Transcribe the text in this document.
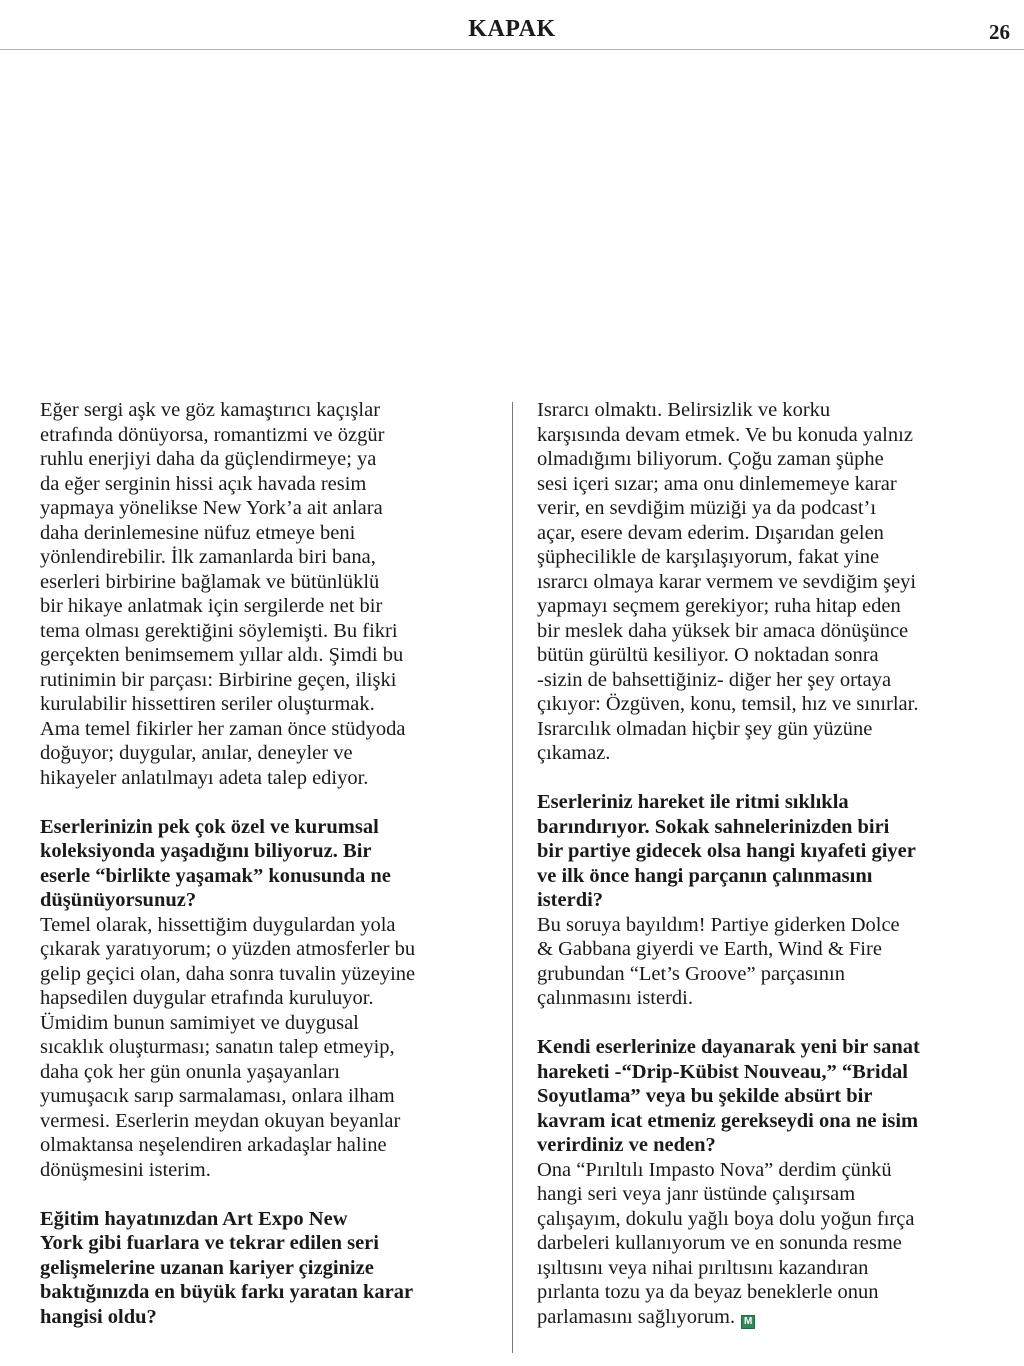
KAPAK	26

Eğer sergi aşk ve göz kamaştırıcı kaçışlar
etrafında dönüyorsa, romantizmi ve özgür
ruhlu enerjiyi daha da güçlendirmeye; ya
da eğer serginin hissi açık havada resim
yapmaya yönelikse New York’a ait anlara
daha derinlemesine nüfuz etmeye beni
yönlendirebilir. İlk zamanlarda biri bana,
eserleri birbirine bağlamak ve bütünlüklü
bir hikaye anlatmak için sergilerde net bir
tema olması gerektiğini söylemişti. Bu fikri
gerçekten benimsemem yıllar aldı. Şimdi bu
rutinimin bir parçası: Birbirine geçen, ilişki
kurulabilir hissettiren seriler oluşturmak.
Ama temel fikirler her zaman önce stüdyoda
doğuyor; duygular, anılar, deneyler ve
hikayeler anlatılmayı adeta talep ediyor.

Eserlerinizin pek çok özel ve kurumsal
koleksiyonda yaşadığını biliyoruz. Bir
eserle “birlikte yaşamak” konusunda ne
düşünüyorsunuz?

Temel olarak, hissettiğim duygulardan yola
çıkarak yaratıyorum; o yüzden atmosferler bu
gelip geçici olan, daha sonra tuvalin yüzeyine
hapsedilen duygular etrafında kuruluyor.
Ümidim bunun samimiyet ve duygusal
sıcaklık oluşturması; sanatın talep etmeyip,
daha çok her gün onunla yaşayanları
yumuşacık sarıp sarmalaması, onlara ilham
vermesi. Eserlerin meydan okuyan beyanlar
olmaktansa neşelendiren arkadaşlar haline
dönüşmesini isterim.

Eğitim hayatınızdan Art Expo New
York gibi fuarlara ve tekrar edilen seri
gelişmelerine uzanan kariyer çizginize
baktığınızda en büyük farkı yaratan karar
hangisi oldu?

Israrcı olmaktı. Belirsizlik ve korku
karşısında devam etmek. Ve bu konuda yalnız
olmadığımı biliyorum. Çoğu zaman şüphe
sesi içeri sızar; ama onu dinlememeye karar
verir, en sevdiğim müziği ya da podcast’ı
açar, esere devam ederim. Dışarıdan gelen
şüphecilikle de karşılaşıyorum, fakat yine
ısrarcı olmaya karar vermem ve sevdiğim şeyi
yapmayı seçmem gerekiyor; ruha hitap eden
bir meslek daha yüksek bir amaca dönüşünce
bütün gürültü kesiliyor. O noktadan sonra
-sizin de bahsettiğiniz- diğer her şey ortaya
çıkıyor: Özgüven, konu, temsil, hız ve sınırlar.
Israrcılık olmadan hiçbir şey gün yüzüne
çıkamaz.

Eserleriniz hareket ile ritmi sıklıkla
barındırıyor. Sokak sahnelerinizden biri
bir partiye gidecek olsa hangi kıyafeti giyer
ve ilk önce hangi parçanın çalınmasını
isterdi?

Bu soruya bayıldım! Partiye giderken Dolce
& Gabbana giyerdi ve Earth, Wind & Fire
grubundan “Let’s Groove” parçasının
çalınmasını isterdi.

Kendi eserlerinize dayanarak yeni bir sanat
hareketi -“Drip-Kübist Nouveau,” “Bridal
Soyutlama” veya bu şekilde absürt bir
kavram icat etmeniz gerekseydi ona ne isim
verirdiniz ve neden?

Ona “Pırıltılı Impasto Nova” derdim çünkü
hangi seri veya janr üstünde çalışırsam
çalışayım, dokulu yağlı boya dolu yoğun fırça
darbeleri kullanıyorum ve en sonunda resme
ışıltısını veya nihai pırıltısını kazandıran
pırlanta tozu ya da beyaz beneklerle onun
parlamasını sağlıyorum. M
